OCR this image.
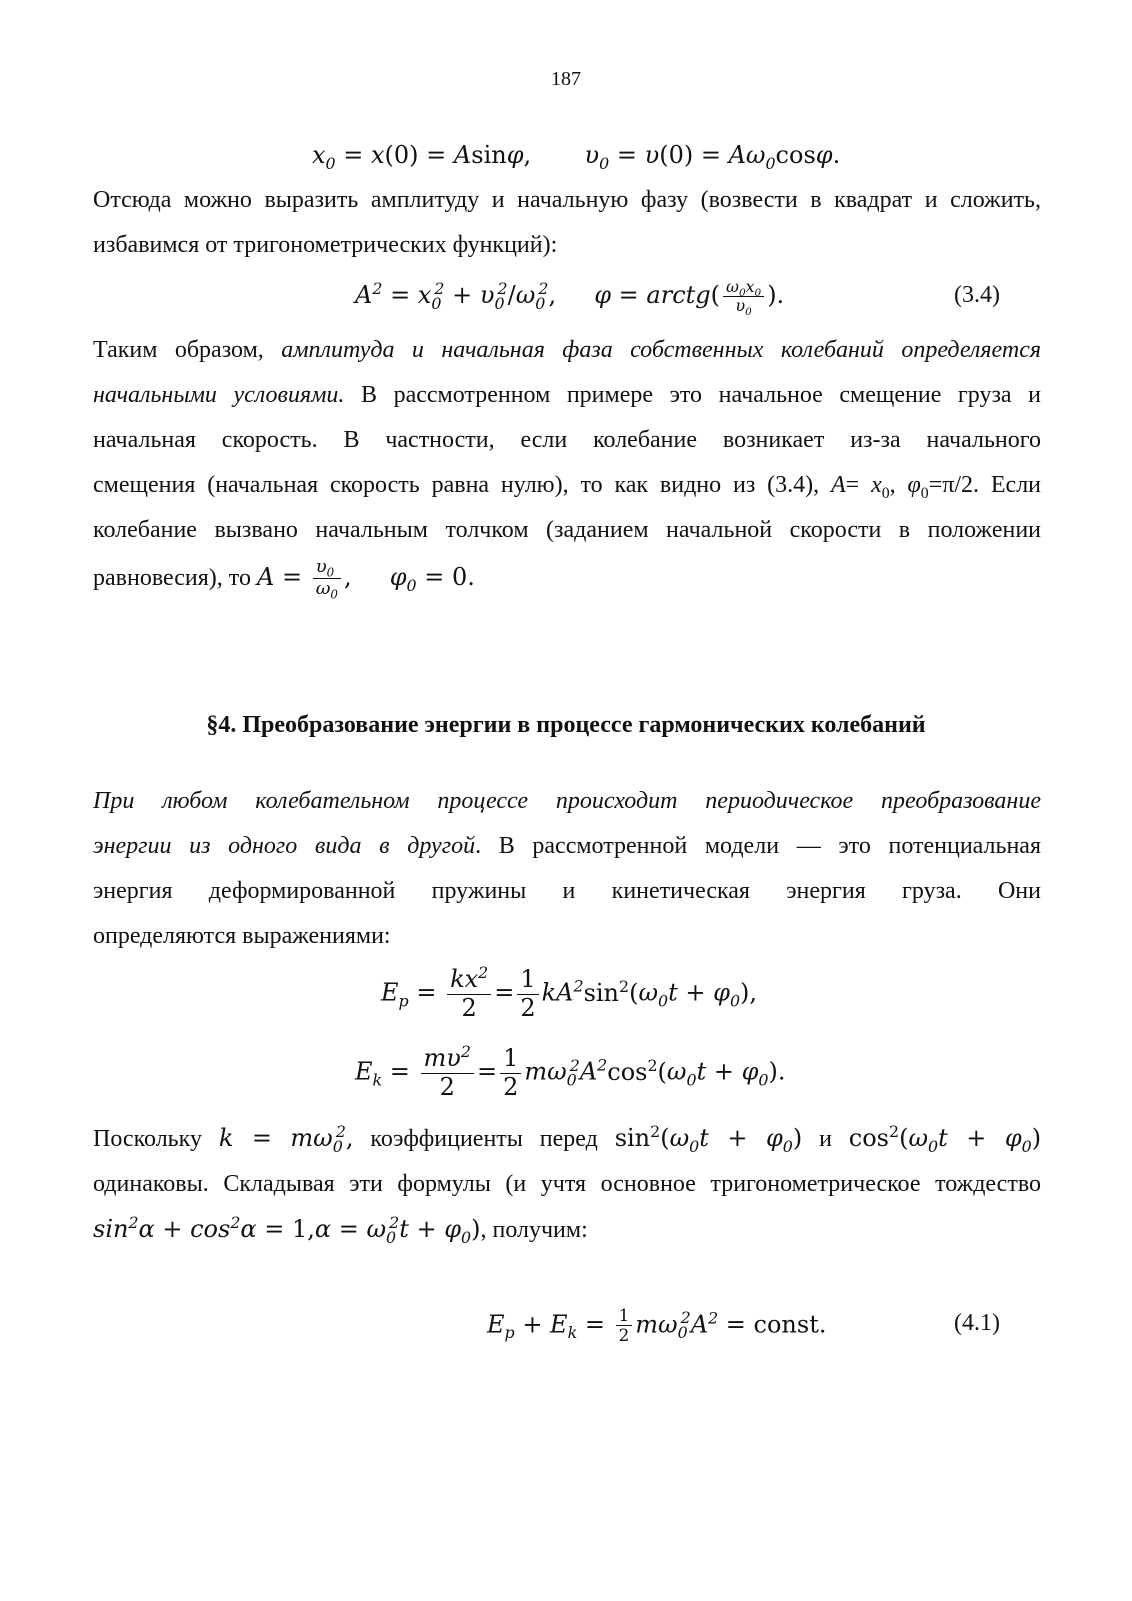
187
$x_0 = x(0) = Asin\varphi$,       $\upsilon_0 = \upsilon(0) = A\omega_0\cos\varphi$.
Отсюда можно выразить амплитуду и начальную фазу (возвести в квадрат и сложить,
избавимся от тригонометрических функций):
$A^2 = x_0^2 + \upsilon_0^2/\omega_0^2$,     φ = arctg( $\frac{\omega_0x_0}{\upsilon_0}$ ).	(3.4)
Таким образом, амплитуда и начальная фаза собственных колебаний определяется
начальными условиями. В рассмотренном примере это начальное смещение груза и
начальная скорость. В частности, если колебание возникает из-за начального
смещения (начальная скорость равна нулю), то как видно из (3.4), $A= x_0$, $\varphi_0=\pi/2$. Если
колебание вызвано начальным толчком (заданием начальной скорости в положении
равновесия), то $A = \frac{\upsilon_0}{\omega_0}$ ,     $\varphi_0 = 0$.
§4. Преобразование энергии в процессе гармонических колебаний
При любом колебательном процессе происходит периодическое преобразование
энергии из одного вида в другой. В рассмотренной модели — это потенциальная
энергия деформированной пружины и кинетическая энергия груза. Они
определяются выражениями:
$E_p = \frac{kx^2}{2} = \frac{1}{2} kA^2\sin^2(\omega_0t + \varphi_0)$,
$E_k = \frac{m\upsilon^2}{2} = \frac{1}{2} m\omega_0^2A^2\cos^2(\omega_0t + \varphi_0)$.
Поскольку $k = m\omega_0^2$, коэффициенты перед $\sin^2(\omega_0t + \varphi_0)$ и $\cos^2(\omega_0t + \varphi_0)$
одинаковы. Складывая эти формулы (и учтя основное тригонометрическое тождество
$\sin^2\alpha + \cos^2\alpha = 1,\alpha = \omega_0^2t + \varphi_0$), получим:
$E_p + E_k = \frac{1}{2} m\omega_0^2A^2$ = const.	(4.1)
